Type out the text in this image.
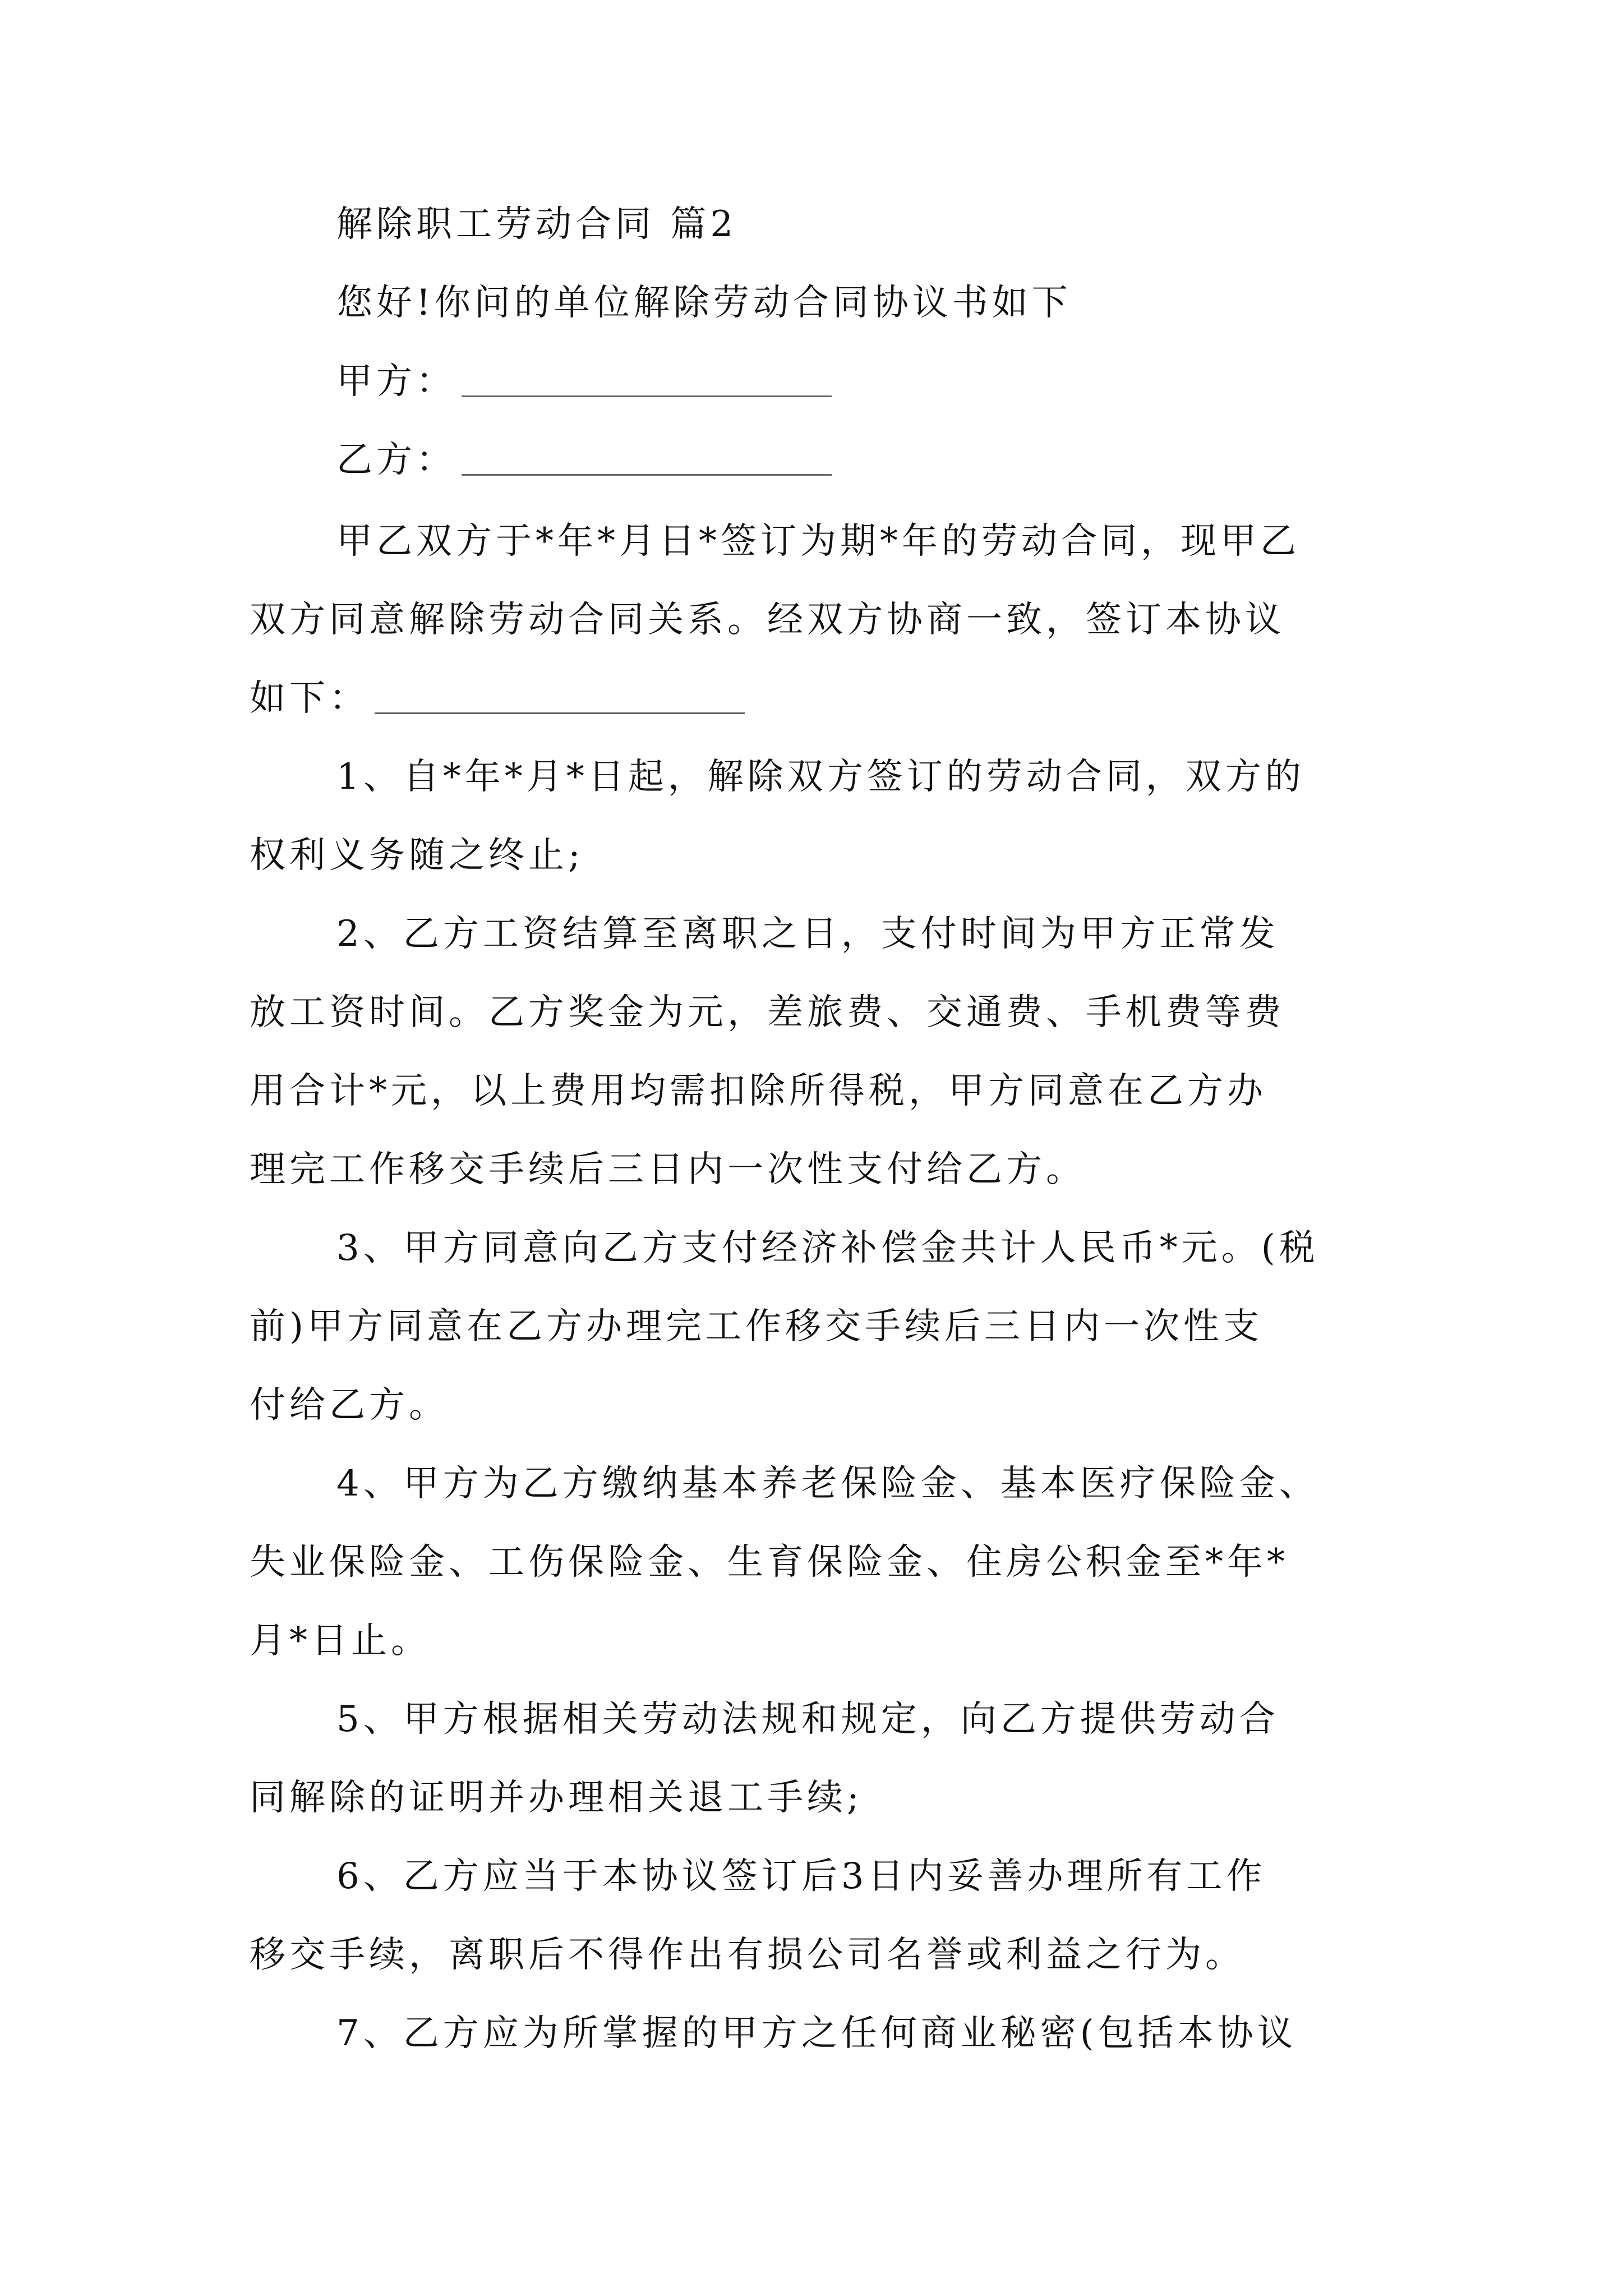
解除职工劳动合同 篇2
您好!你问的单位解除劳动合同协议书如下
甲方：
乙方：
甲乙双方于*年*月日*签订为期*年的劳动合同，现甲乙
双方同意解除劳动合同关系。经双方协商一致，签订本协议
如下：
1、自*年*月*日起，解除双方签订的劳动合同，双方的
权利义务随之终止;
2、乙方工资结算至离职之日，支付时间为甲方正常发
放工资时间。乙方奖金为元，差旅费、交通费、手机费等费
用合计*元，以上费用均需扣除所得税，甲方同意在乙方办
理完工作移交手续后三日内一次性支付给乙方。
3、甲方同意向乙方支付经济补偿金共计人民币*元。(税
前)甲方同意在乙方办理完工作移交手续后三日内一次性支
付给乙方。
4、甲方为乙方缴纳基本养老保险金、基本医疗保险金、
失业保险金、工伤保险金、生育保险金、住房公积金至*年*
月*日止。
5、甲方根据相关劳动法规和规定，向乙方提供劳动合
同解除的证明并办理相关退工手续;
6、乙方应当于本协议签订后3日内妥善办理所有工作
移交手续，离职后不得作出有损公司名誉或利益之行为。
7、乙方应为所掌握的甲方之任何商业秘密(包括本协议
